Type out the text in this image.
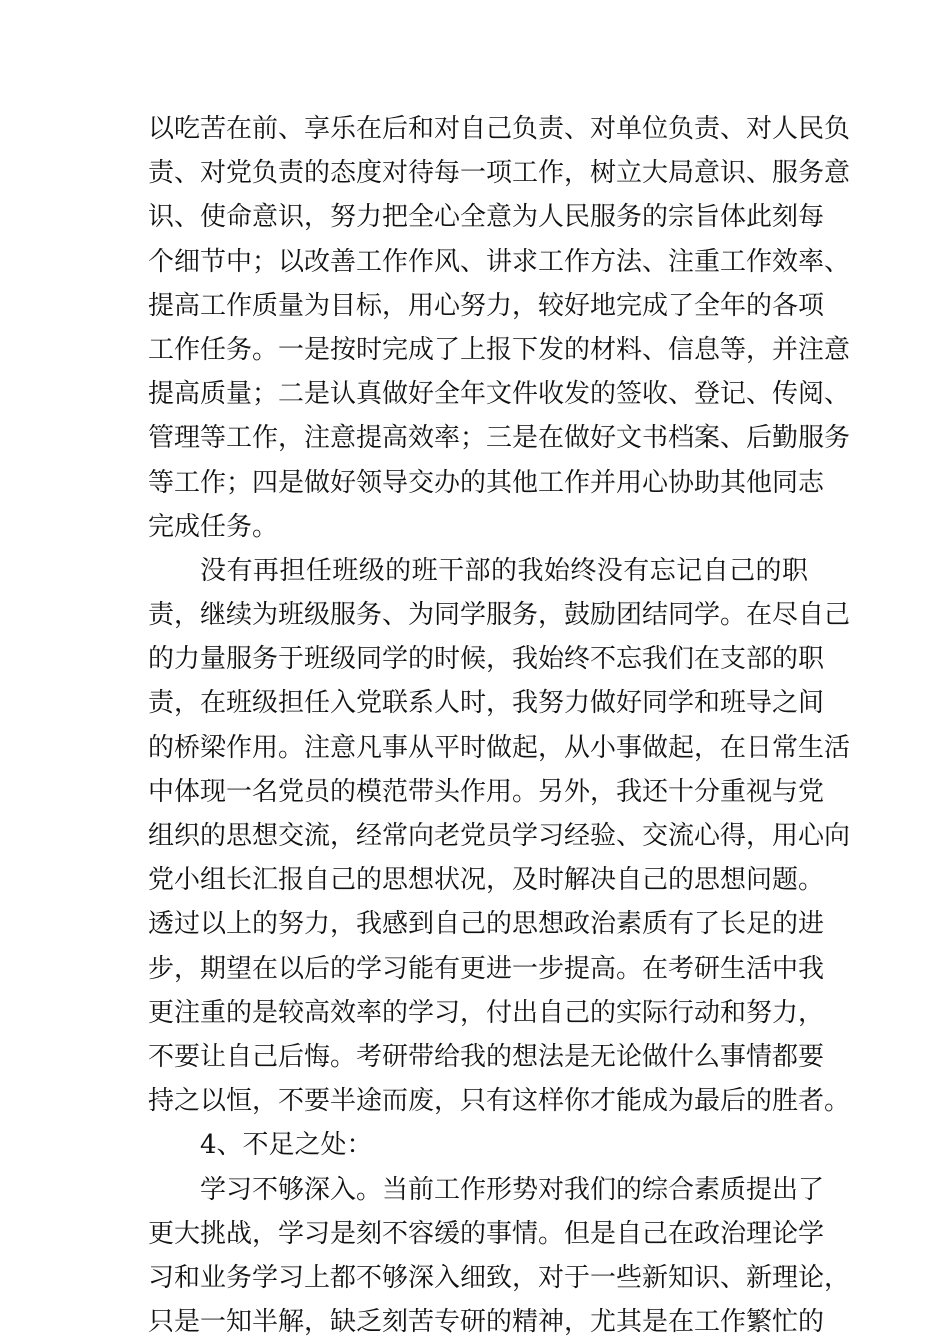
以吃苦在前、享乐在后和对自己负责、对单位负责、对人民负
责、对党负责的态度对待每一项工作，树立大局意识、服务意
识、使命意识，努力把全心全意为人民服务的宗旨体此刻每
个细节中；以改善工作作风、讲求工作方法、注重工作效率、
提高工作质量为目标，用心努力，较好地完成了全年的各项
工作任务。一是按时完成了上报下发的材料、信息等，并注意
提高质量；二是认真做好全年文件收发的签收、登记、传阅、
管理等工作，注意提高效率；三是在做好文书档案、后勤服务
等工作；四是做好领导交办的其他工作并用心协助其他同志
完成任务。
没有再担任班级的班干部的我始终没有忘记自己的职
责，继续为班级服务、为同学服务，鼓励团结同学。在尽自己
的力量服务于班级同学的时候，我始终不忘我们在支部的职
责，在班级担任入党联系人时，我努力做好同学和班导之间
的桥梁作用。注意凡事从平时做起，从小事做起，在日常生活
中体现一名党员的模范带头作用。另外，我还十分重视与党
组织的思想交流，经常向老党员学习经验、交流心得，用心向
党小组长汇报自己的思想状况，及时解决自己的思想问题。
透过以上的努力，我感到自己的思想政治素质有了长足的进
步，期望在以后的学习能有更进一步提高。在考研生活中我
更注重的是较高效率的学习，付出自己的实际行动和努力，
不要让自己后悔。考研带给我的想法是无论做什么事情都要
持之以恒，不要半途而废，只有这样你才能成为最后的胜者。
4、不足之处：
学习不够深入。当前工作形势对我们的综合素质提出了
更大挑战，学习是刻不容缓的事情。但是自己在政治理论学
习和业务学习上都不够深入细致，对于一些新知识、新理论，
只是一知半解，缺乏刻苦专研的精神，尤其是在工作繁忙的
